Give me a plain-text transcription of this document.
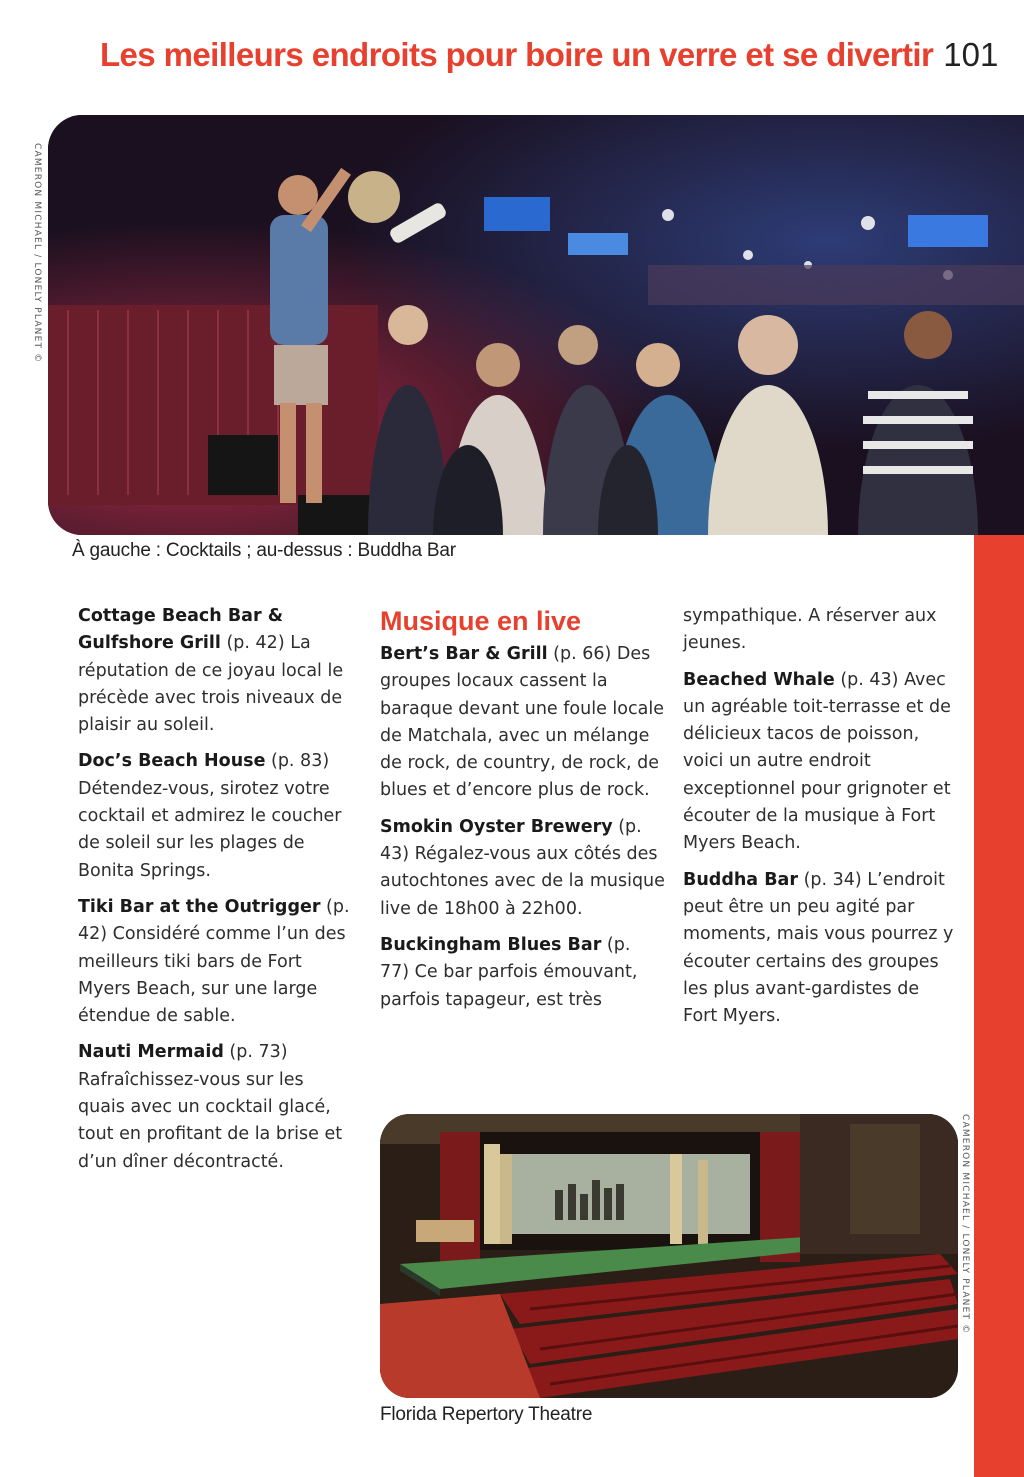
Les meilleurs endroits pour boire un verre et se divertir 101
CAMERON MICHAEL / LONELY PLANET ©
À gauche : Cocktails ; au-dessus : Buddha Bar

Cottage Beach Bar & Gulfshore Grill (p. 42) La réputation de ce joyau local le précède avec trois niveaux de plaisir au soleil.

Doc’s Beach House (p. 83) Détendez-vous, sirotez votre cocktail et admirez le coucher de soleil sur les plages de Bonita Springs.

Tiki Bar at the Outrigger (p. 42) Considéré comme l’un des meilleurs tiki bars de Fort Myers Beach, sur une large étendue de sable.

Nauti Mermaid (p. 73) Rafraîchissez-vous sur les quais avec un cocktail glacé, tout en profitant de la brise et d’un dîner décontracté.

Musique en live

Bert’s Bar & Grill (p. 66) Des groupes locaux cassent la baraque devant une foule locale de Matchala, avec un mélange de rock, de country, de rock, de blues et d’encore plus de rock.

Smokin Oyster Brewery (p. 43) Régalez-vous aux côtés des autochtones avec de la musique live de 18h00 à 22h00.

Buckingham Blues Bar (p. 77) Ce bar parfois émouvant, parfois tapageur, est très

sympathique. A réserver aux jeunes.

Beached Whale (p. 43) Avec un agréable toit-terrasse et de délicieux tacos de poisson, voici un autre endroit exceptionnel pour grignoter et écouter de la musique à Fort Myers Beach.

Buddha Bar (p. 34) L’endroit peut être un peu agité par moments, mais vous pourrez y écouter certains des groupes les plus avant-gardistes de Fort Myers.

CAMERON MICHAEL / LONELY PLANET ©
Florida Repertory Theatre
